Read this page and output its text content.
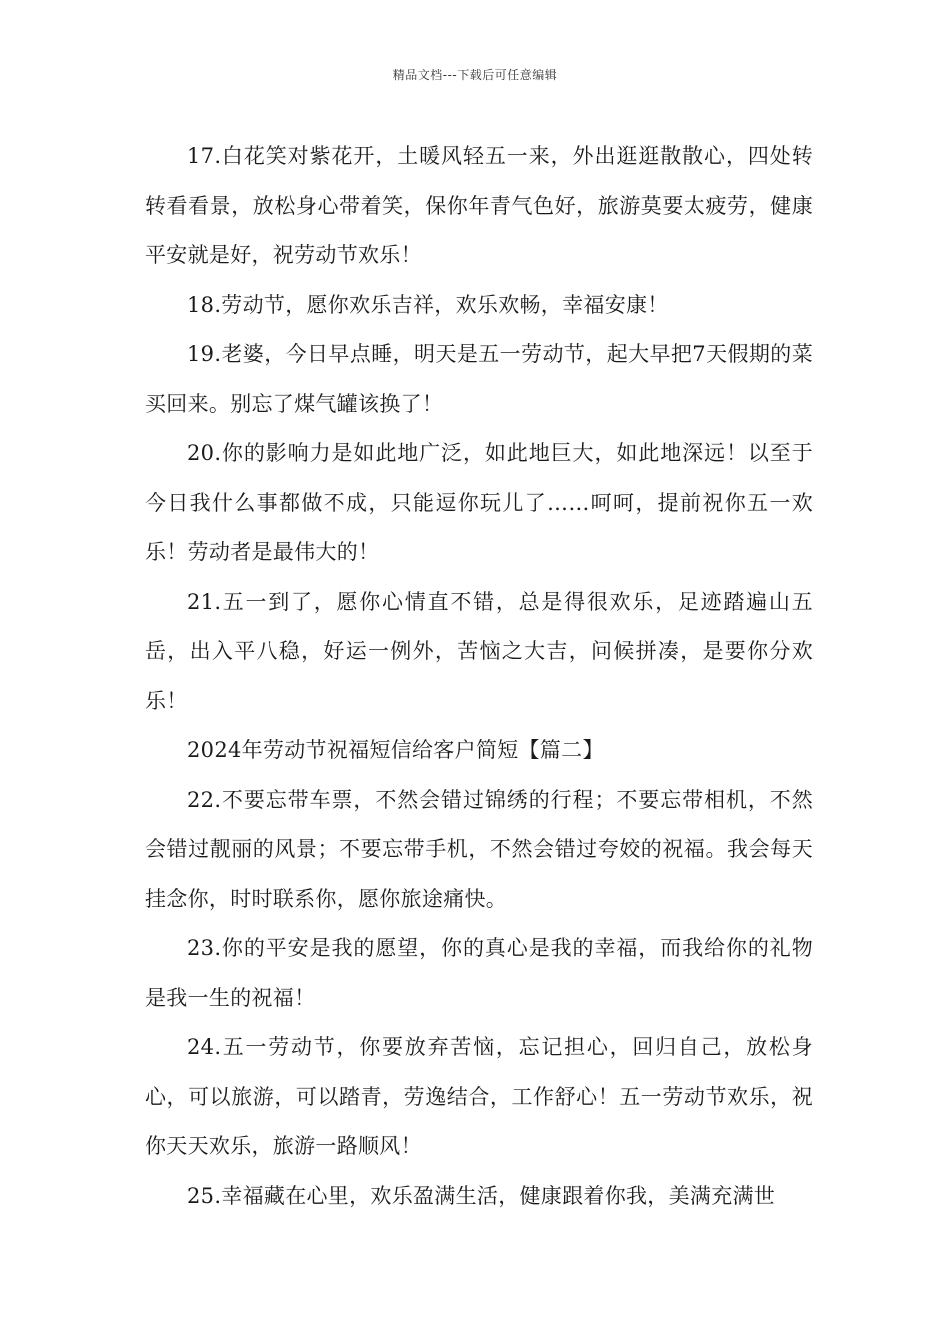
精品文档---下载后可任意编辑

17.白花笑对紫花开，土暖风轻五一来，外出逛逛散散心，四处转转看看景，放松身心带着笑，保你年青气色好，旅游莫要太疲劳，健康平安就是好，祝劳动节欢乐！

18.劳动节，愿你欢乐吉祥，欢乐欢畅，幸福安康！

19.老婆，今日早点睡，明天是五一劳动节，起大早把7天假期的菜买回来。别忘了煤气罐该换了！

20.你的影响力是如此地广泛，如此地巨大，如此地深远！以至于今日我什么事都做不成，只能逗你玩儿了……呵呵，提前祝你五一欢乐！劳动者是最伟大的！

21.五一到了，愿你心情直不错，总是得很欢乐，足迹踏遍山五岳，出入平八稳，好运一例外，苦恼之大吉，问候拼凑，是要你分欢乐！

2024年劳动节祝福短信给客户简短【篇二】

22.不要忘带车票，不然会错过锦绣的行程；不要忘带相机，不然会错过靓丽的风景；不要忘带手机，不然会错过夸姣的祝福。我会每天挂念你，时时联系你，愿你旅途痛快。

23.你的平安是我的愿望，你的真心是我的幸福，而我给你的礼物是我一生的祝福！

24.五一劳动节，你要放弃苦恼，忘记担心，回归自己，放松身心，可以旅游，可以踏青，劳逸结合，工作舒心！五一劳动节欢乐，祝你天天欢乐，旅游一路顺风！

25.幸福藏在心里，欢乐盈满生活，健康跟着你我，美满充满世
